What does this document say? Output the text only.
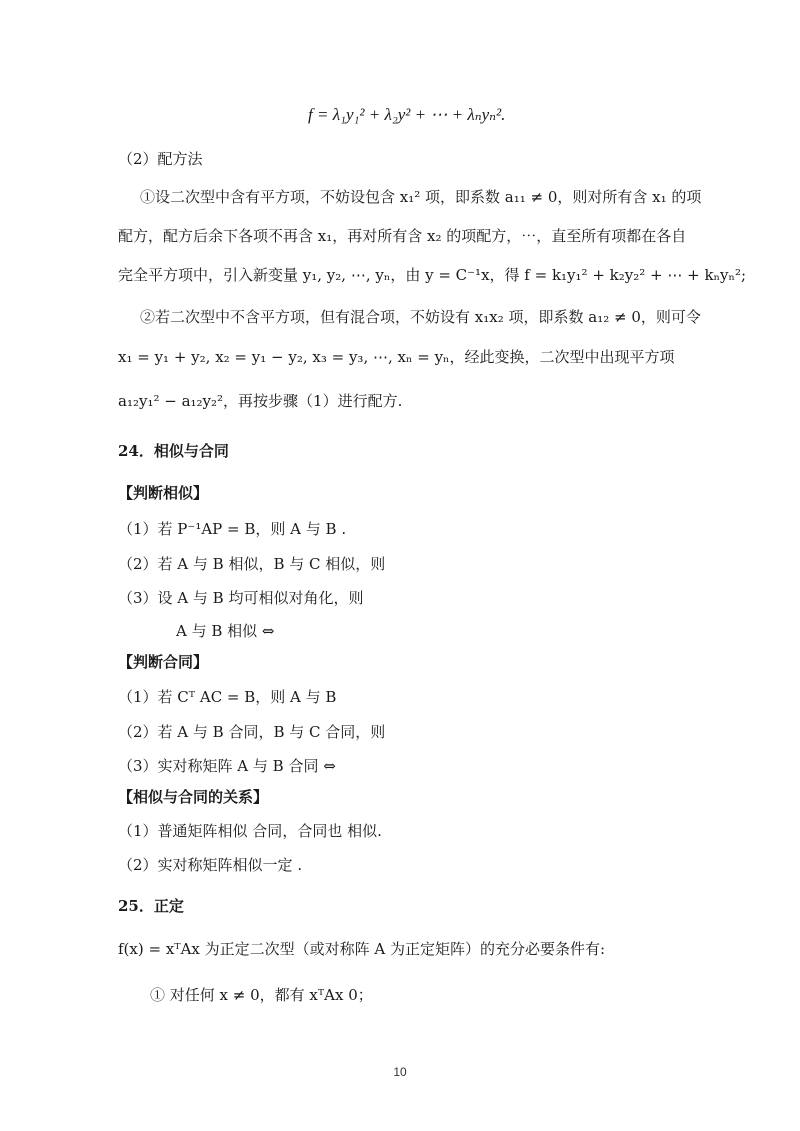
f = λ₁y₁² + λ₂y² + ⋯ + λₙyₙ².
（2）配方法
①设二次型中含有平方项，不妨设包含 x₁² 项，即系数 a₁₁ ≠ 0，则对所有含 x₁ 的项
配方，配方后余下各项不再含 x₁，再对所有含 x₂ 的项配方，⋯，直至所有项都在各自
完全平方项中，引入新变量 y₁, y₂, ⋯, yₙ，由 y = C⁻¹x，得 f = k₁y₁² + k₂y₂² + ⋯ + kₙyₙ²;
②若二次型中不含平方项，但有混合项，不妨设有 x₁x₂ 项，即系数 a₁₂ ≠ 0，则可令
x₁ = y₁ + y₂, x₂ = y₁ − y₂, x₃ = y₃, ⋯, xₙ = yₙ，经此变换，二次型中出现平方项
a₁₂y₁² − a₁₂y₂²，再按步骤（1）进行配方.
24．相似与合同
【判断相似】
（1）若 P⁻¹AP = B，则 A 与 B .
（2）若 A 与 B 相似，B 与 C 相似，则
（3）设 A 与 B 均可相似对角化，则
A 与 B 相似 ⇔
【判断合同】
（1）若 Cᵀ AC = B，则 A 与 B
（2）若 A 与 B 合同，B 与 C 合同，则
（3）实对称矩阵 A 与 B 合同 ⇔
【相似与合同的关系】
（1）普通矩阵相似 合同，合同也 相似.
（2）实对称矩阵相似一定 .
25．正定
f(x) = xᵀAx 为正定二次型（或对称阵 A 为正定矩阵）的充分必要条件有:
① 对任何 x ≠ 0，都有 xᵀAx 0；
10
